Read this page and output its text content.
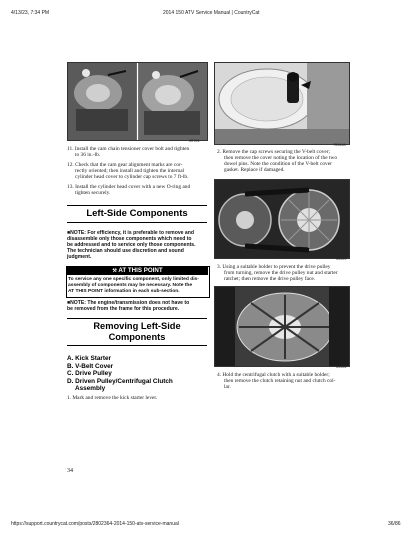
4/13/23, 7:34 PM	2014 150 ATV Service Manual | CountryCat
XM706
11. Install the cam chain tensioner cover bolt and tighten
to 36 in.-lb.
12. Check that the cam gear alignment marks are cor-
rectly oriented; then install and tighten the internal
cylinder head cover to cylinder cap screws to 7 ft-lb.
13. Install the cylinder head cover with a new O-ring and
tighten securely.
Left-Side Components
■NOTE: For efficiency, it is preferable to remove and
disassemble only those components which need to
be addressed and to service only those components.
The technician should use discretion and sound
judgment.
⚒ AT THIS POINT
To service any one specific component, only limited dis-
assembly of components may be necessary. Note the
AT THIS POINT information in each sub-section.
■NOTE: The engine/transmission does not have to
be removed from the frame for this procedure.
Removing Left-Side
Components
A. Kick Starter
B. V-Belt Cover
C. Drive Pulley
D. Driven Pulley/Centrifugal Clutch
Assembly
1. Mark and remove the kick starter lever.
34
TM082A
2. Remove the cap screws securing the V-belt cover;
then remove the cover noting the location of the two
dowel pins. Note the condition of the V-belt cover
gasket. Replace if damaged.
XM055
3. Using a suitable holder to prevent the drive pulley
from turning, remove the drive pulley nut and starter
ratchet; then remove the drive pulley face.
XM056
4. Hold the centrifugal clutch with a suitable holder;
then remove the clutch retaining nut and clutch col-
lar.
https://support.countrycat.com/posts/2802364-2014-150-atv-service-manual	36/86
